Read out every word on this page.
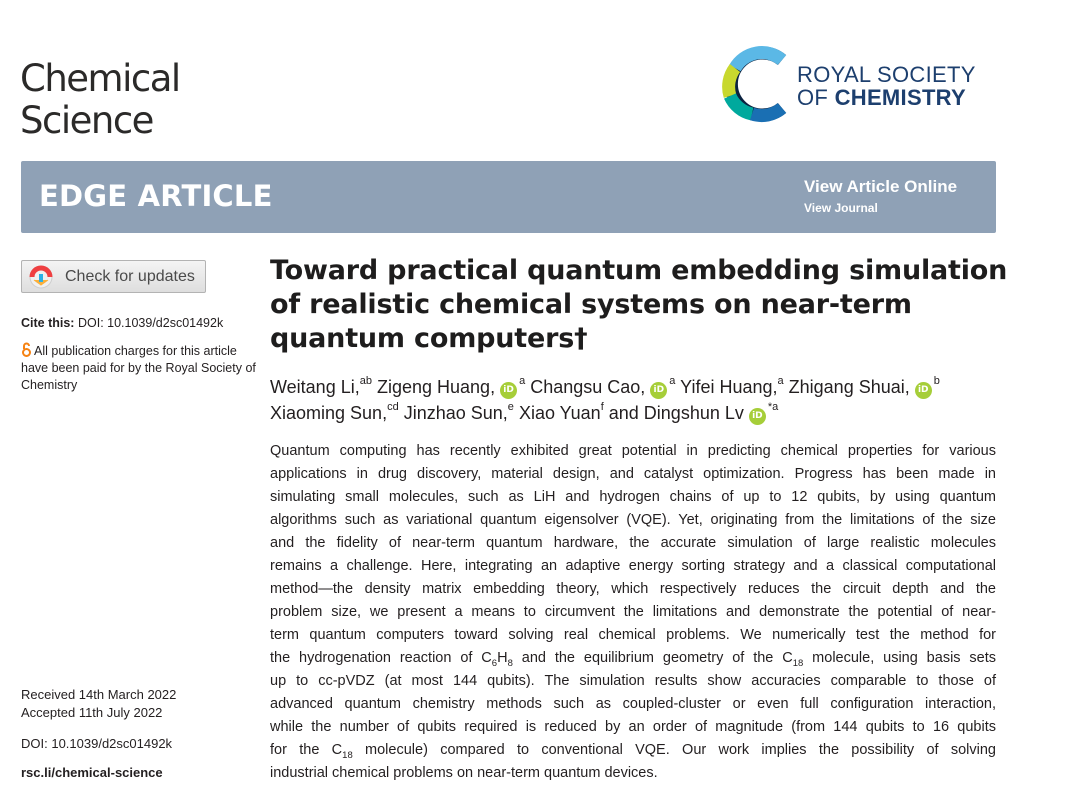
Chemical
Science
ROYAL SOCIETY
OF CHEMISTRY
EDGE ARTICLE	View Article Online
View Journal
Check for updates
Cite this: DOI: 10.1039/d2sc01492k
All publication charges for this article have been paid for by the Royal Society of Chemistry
Received 14th March 2022
Accepted 11th July 2022
DOI: 10.1039/d2sc01492k
rsc.li/chemical-science
Toward practical quantum embedding simulation
of realistic chemical systems on near-term
quantum computers†
Weitang Li,$^{ab}$ Zigeng Huang, $iD^a$ Changsu Cao, $iD^a$ Yifei Huang,$^a$ Zhigang Shuai, $iD^b$
Xiaoming Sun,$^{cd}$ Jinzhao Sun,$^e$ Xiao Yuan$^f$ and Dingshun Lv $iD^{*a}$
Quantum computing has recently exhibited great potential in predicting chemical properties for various
applications in drug discovery, material design, and catalyst optimization. Progress has been made in
simulating small molecules, such as LiH and hydrogen chains of up to 12 qubits, by using quantum
algorithms such as variational quantum eigensolver (VQE). Yet, originating from the limitations of the size
and the fidelity of near-term quantum hardware, the accurate simulation of large realistic molecules
remains a challenge. Here, integrating an adaptive energy sorting strategy and a classical computational
method—the density matrix embedding theory, which respectively reduces the circuit depth and the
problem size, we present a means to circumvent the limitations and demonstrate the potential of near-
term quantum computers toward solving real chemical problems. We numerically test the method for
the hydrogenation reaction of $C_6H_8$ and the equilibrium geometry of the $C_{18}$ molecule, using basis sets
up to cc-pVDZ (at most 144 qubits). The simulation results show accuracies comparable to those of
advanced quantum chemistry methods such as coupled-cluster or even full configuration interaction,
while the number of qubits required is reduced by an order of magnitude (from 144 qubits to 16 qubits
for the $C_{18}$ molecule) compared to conventional VQE. Our work implies the possibility of solving
industrial chemical problems on near-term quantum devices.
